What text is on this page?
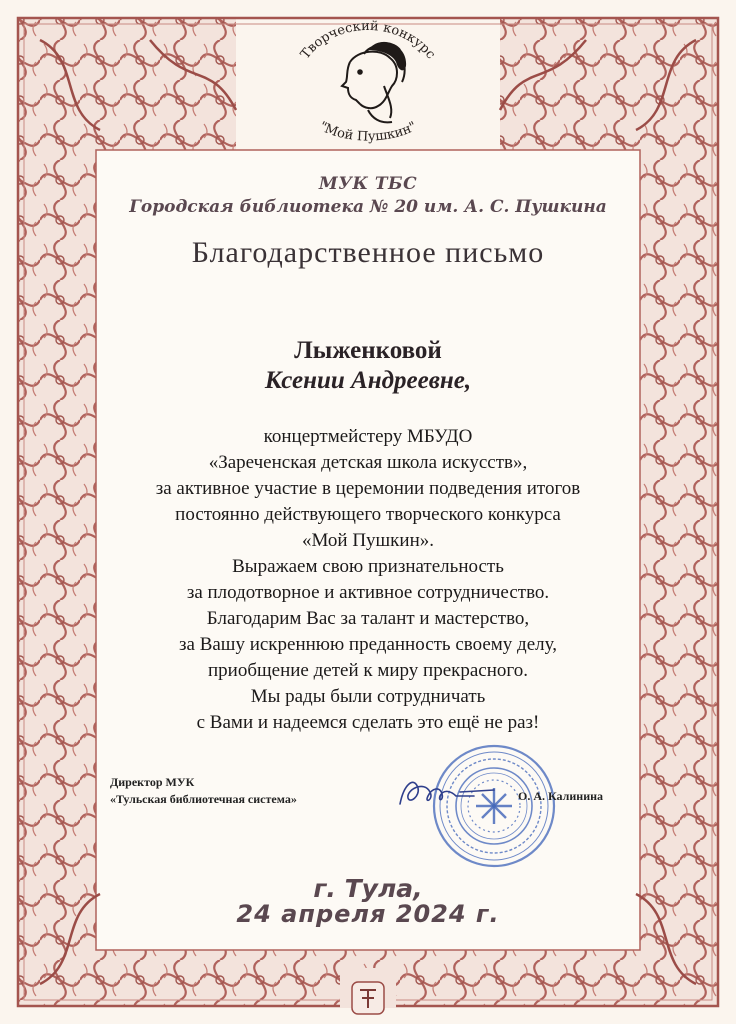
Творческий конкурс
"Мой Пушкин"
МУК ТБС
Городская библиотека № 20 им. А. С. Пушкина
Благодарственное письмо
Лыженковой
Ксении Андреевне,
концертмейстеру МБУДО
«Зареченская детская школа искусств»,
за активное участие в церемонии подведения итогов
постоянно действующего творческого конкурса
«Мой Пушкин».
Выражаем свою признательность
за плодотворное и активное сотрудничество.
Благодарим Вас за талант и мастерство,
за Вашу искреннюю преданность своему делу,
приобщение детей к миру прекрасного.
Мы рады были сотрудничать
с Вами и надеемся сделать это ещё не раз!
Директор МУК
«Тульская библиотечная система»	О. А. Калинина
г. Тула,
24 апреля 2024 г.
